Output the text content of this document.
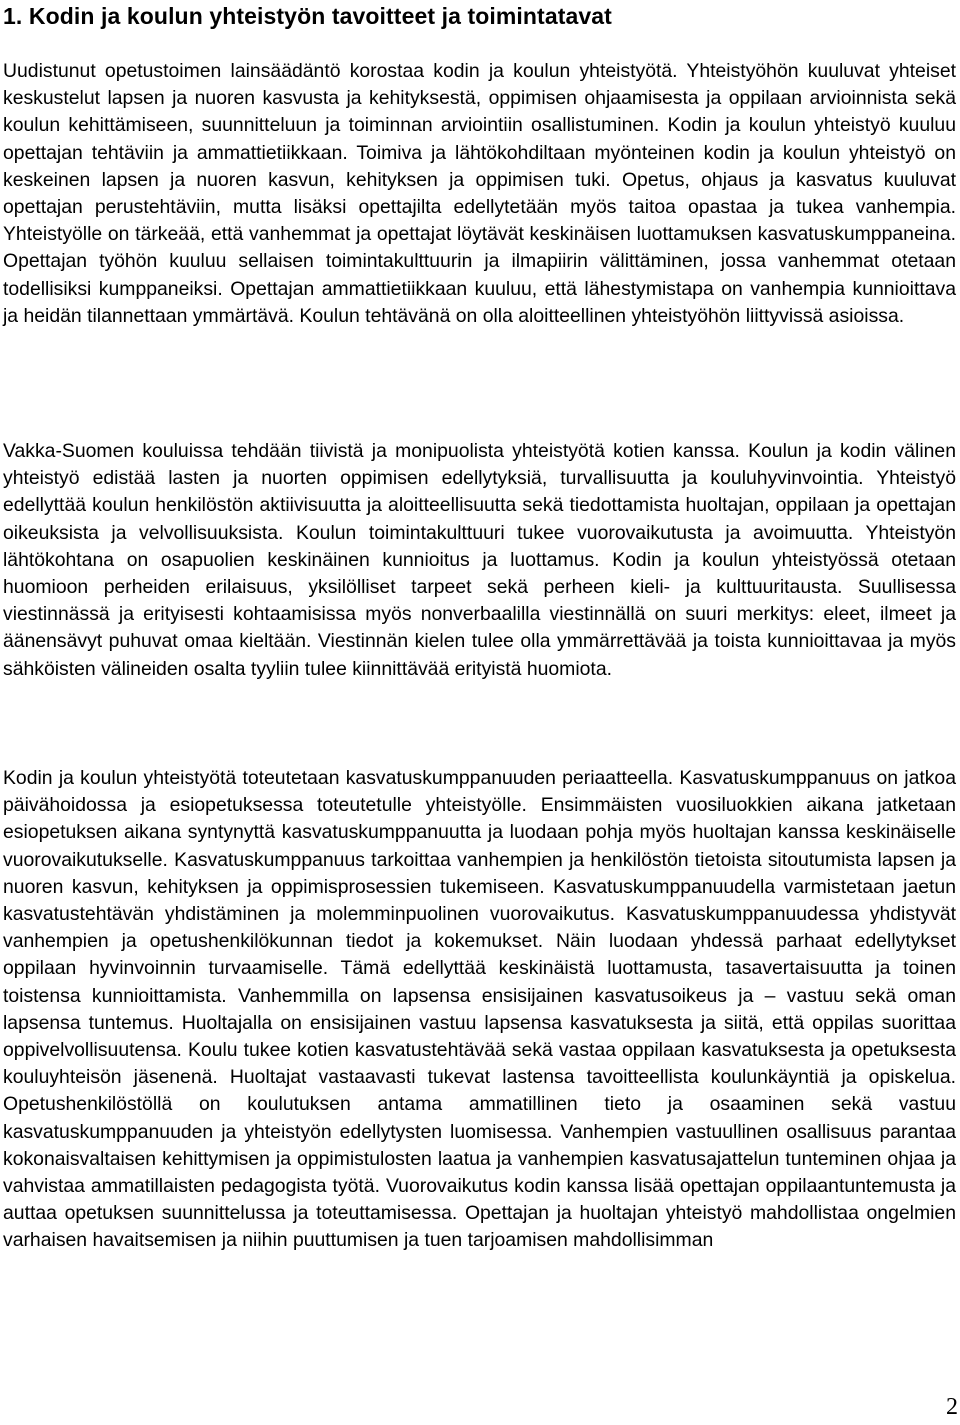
1. Kodin ja koulun yhteistyön tavoitteet ja toimintatavat

Uudistunut opetustoimen lainsäädäntö korostaa kodin ja koulun yhteistyötä. Yhteistyöhön kuuluvat yhteiset keskustelut lapsen ja nuoren kasvusta ja kehityksestä, oppimisen ohjaamisesta ja oppilaan arvioinnista sekä koulun kehittämiseen, suunnitteluun ja toiminnan arviointiin osallistuminen. Kodin ja koulun yhteistyö kuuluu opettajan tehtäviin ja ammattietiikkaan. Toimiva ja lähtökohdiltaan myönteinen kodin ja koulun yhteistyö on keskeinen lapsen ja nuoren kasvun, kehityksen ja oppimisen tuki. Opetus, ohjaus ja kasvatus kuuluvat opettajan perustehtäviin, mutta lisäksi opettajilta edellytetään myös taitoa opastaa ja tukea vanhempia. Yhteistyölle on tärkeää, että vanhemmat ja opettajat löytävät keskinäisen luottamuksen kasvatuskumppaneina. Opettajan työhön kuuluu sellaisen toimintakulttuurin ja ilmapiirin välittäminen, jossa vanhemmat otetaan todellisiksi kumppaneiksi. Opettajan ammattietiikkaan kuuluu, että lähestymistapa on vanhempia kunnioittava ja heidän tilannettaan ymmärtävä. Koulun tehtävänä on olla aloitteellinen yhteistyöhön liittyvissä asioissa.

Vakka-Suomen kouluissa tehdään tiivistä ja monipuolista yhteistyötä kotien kanssa. Koulun ja kodin välinen yhteistyö edistää lasten ja nuorten oppimisen edellytyksiä, turvallisuutta ja kouluhyvinvointia. Yhteistyö edellyttää koulun henkilöstön aktiivisuutta ja aloitteellisuutta sekä tiedottamista huoltajan, oppilaan ja opettajan oikeuksista ja velvollisuuksista. Koulun toimintakulttuuri tukee vuorovaikutusta ja avoimuutta. Yhteistyön lähtökohtana on osapuolien keskinäinen kunnioitus ja luottamus. Kodin ja koulun yhteistyössä otetaan huomioon perheiden erilaisuus, yksilölliset tarpeet sekä perheen kieli- ja kulttuuritausta. Suullisessa viestinnässä ja erityisesti kohtaamisissa myös nonverbaalilla viestinnällä on suuri merkitys: eleet, ilmeet ja äänensävyt puhuvat omaa kieltään. Viestinnän kielen tulee olla ymmärrettävää ja toista kunnioittavaa ja myös sähköisten välineiden osalta tyyliin tulee kiinnittävää erityistä huomiota.

Kodin ja koulun yhteistyötä toteutetaan kasvatuskumppanuuden periaatteella. Kasvatuskumppanuus on jatkoa päivähoidossa ja esiopetuksessa toteutetulle yhteistyölle. Ensimmäisten vuosiluokkien aikana jatketaan esiopetuksen aikana syntynyttä kasvatuskumppanuutta ja luodaan pohja myös huoltajan kanssa keskinäiselle vuorovaikutukselle. Kasvatuskumppanuus tarkoittaa vanhempien ja henkilöstön tietoista sitoutumista lapsen ja nuoren kasvun, kehityksen ja oppimisprosessien tukemiseen. Kasvatuskumppanuudella varmistetaan jaetun kasvatustehtävän yhdistäminen ja molemminpuolinen vuorovaikutus. Kasvatuskumppanuudessa yhdistyvät vanhempien ja opetushenkilökunnan tiedot ja kokemukset. Näin luodaan yhdessä parhaat edellytykset oppilaan hyvinvoinnin turvaamiselle. Tämä edellyttää keskinäistä luottamusta, tasavertaisuutta ja toinen toistensa kunnioittamista. Vanhemmilla on lapsensa ensisijainen kasvatusoikeus ja – vastuu sekä oman lapsensa tuntemus. Huoltajalla on ensisijainen vastuu lapsensa kasvatuksesta ja siitä, että oppilas suorittaa oppivelvollisuutensa. Koulu tukee kotien kasvatustehtävää sekä vastaa oppilaan kasvatuksesta ja opetuksesta kouluyhteisön jäsenenä. Huoltajat vastaavasti tukevat lastensa tavoitteellista koulunkäyntiä ja opiskelua. Opetushenkilöstöllä on koulutuksen antama ammatillinen tieto ja osaaminen sekä vastuu kasvatuskumppanuuden ja yhteistyön edellytysten luomisessa. Vanhempien vastuullinen osallisuus parantaa kokonaisvaltaisen kehittymisen ja oppimistulosten laatua ja vanhempien kasvatusajattelun tunteminen ohjaa ja vahvistaa ammatillaisten pedagogista työtä. Vuorovaikutus kodin kanssa lisää opettajan oppilaantuntemusta ja auttaa opetuksen suunnittelussa ja toteuttamisessa. Opettajan ja huoltajan yhteistyö mahdollistaa ongelmien varhaisen havaitsemisen ja niihin puuttumisen ja tuen tarjoamisen mahdollisimman

2
